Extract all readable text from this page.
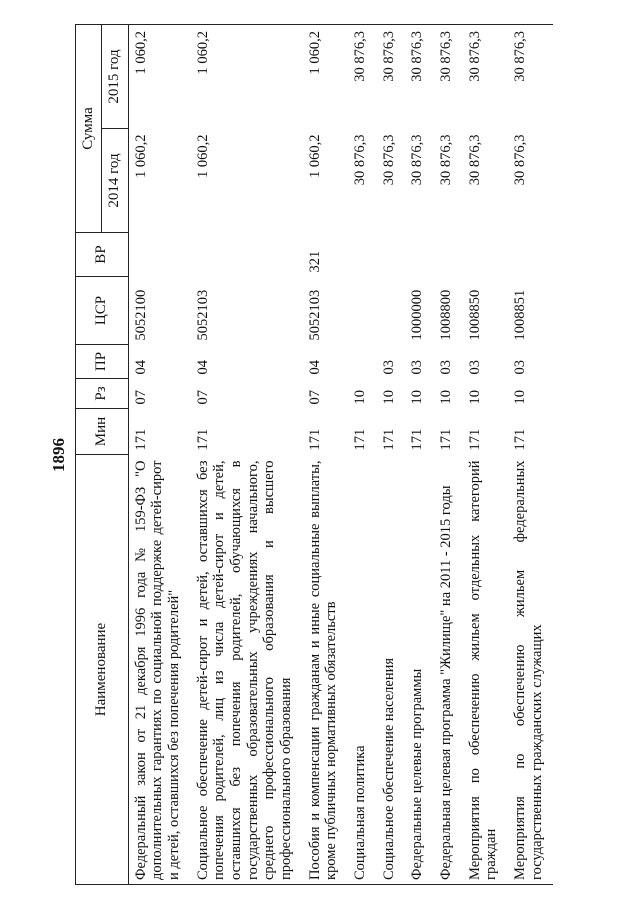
1896
Наименование	Мин	Рз	ПР	ЦСР	ВР	Сумма	
						2014 год	2015 год
Федеральный закон от 21 декабря 1996 года № 159-ФЗ "О дополнительных гарантиях по социальной поддержке детей-сирот и детей, оставшихся без попечения родителей"	171	07	04	5052100		1 060,2	1 060,2
Социальное обеспечение детей-сирот и детей, оставшихся без попечения родителей, лиц из числа детей-сирот и детей, оставшихся без попечения родителей, обучающихся в государственных образовательных учреждениях начального, среднего профессионального образования и высшего профессионального образования	171	07	04	5052103		1 060,2	1 060,2
Пособия и компенсации гражданам и иные социальные выплаты, кроме публичных нормативных обязательств	171	07	04	5052103	321	1 060,2	1 060,2
Социальная политика	171	10				30 876,3	30 876,3
Социальное обеспечение населения	171	10	03			30 876,3	30 876,3
Федеральные целевые программы	171	10	03	1000000		30 876,3	30 876,3
Федеральная целевая программа "Жилище" на 2011 - 2015 годы	171	10	03	1008800		30 876,3	30 876,3
Мероприятия по обеспечению жильем отдельных категорий граждан	171	10	03	1008850		30 876,3	30 876,3
Мероприятия по обеспечению жильем федеральных государственных гражданских служащих	171	10	03	1008851		30 876,3	30 876,3
